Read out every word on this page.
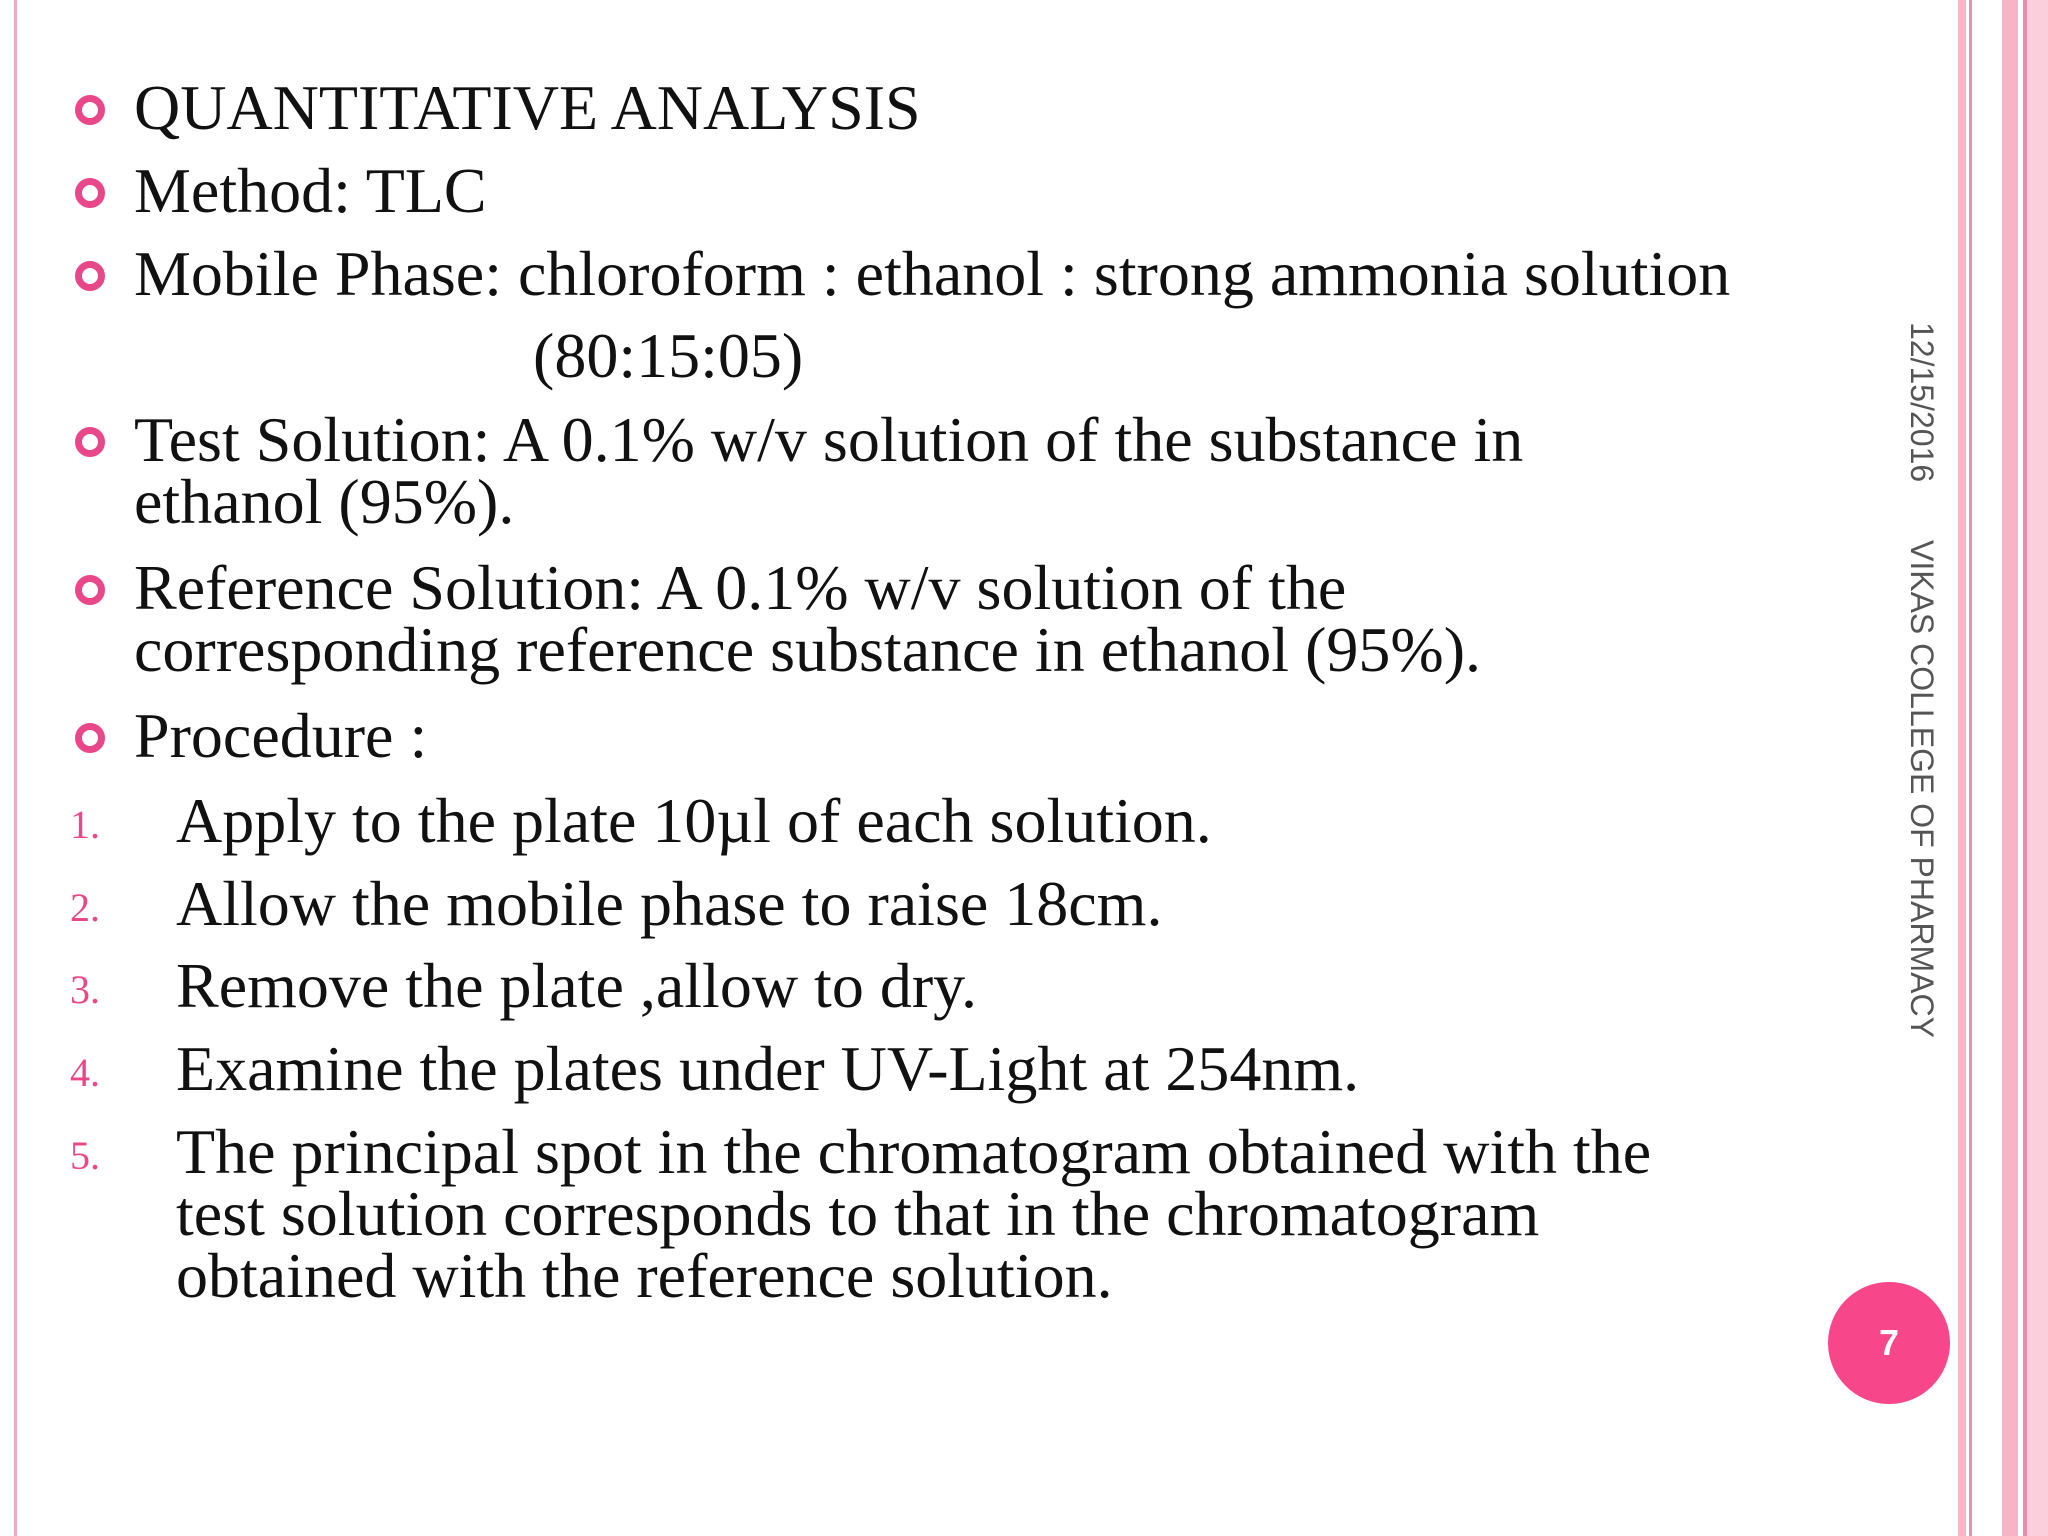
QUANTITATIVE ANALYSIS
Method: TLC
Mobile Phase: chloroform : ethanol : strong ammonia solution
(80:15:05)
Test Solution: A 0.1% w/v solution of the substance in
ethanol (95%).
Reference Solution: A 0.1% w/v solution of the
corresponding reference substance in ethanol (95%).
Procedure :
1. Apply to the plate 10µl of each solution.
2. Allow the mobile phase to raise 18cm.
3. Remove the plate ,allow to dry.
4. Examine the plates under UV-Light at 254nm.
5. The principal spot in the chromatogram obtained with the
test solution corresponds to that in the chromatogram
obtained with the reference solution.
12/15/2016
VIKAS COLLEGE OF PHARMACY
7
